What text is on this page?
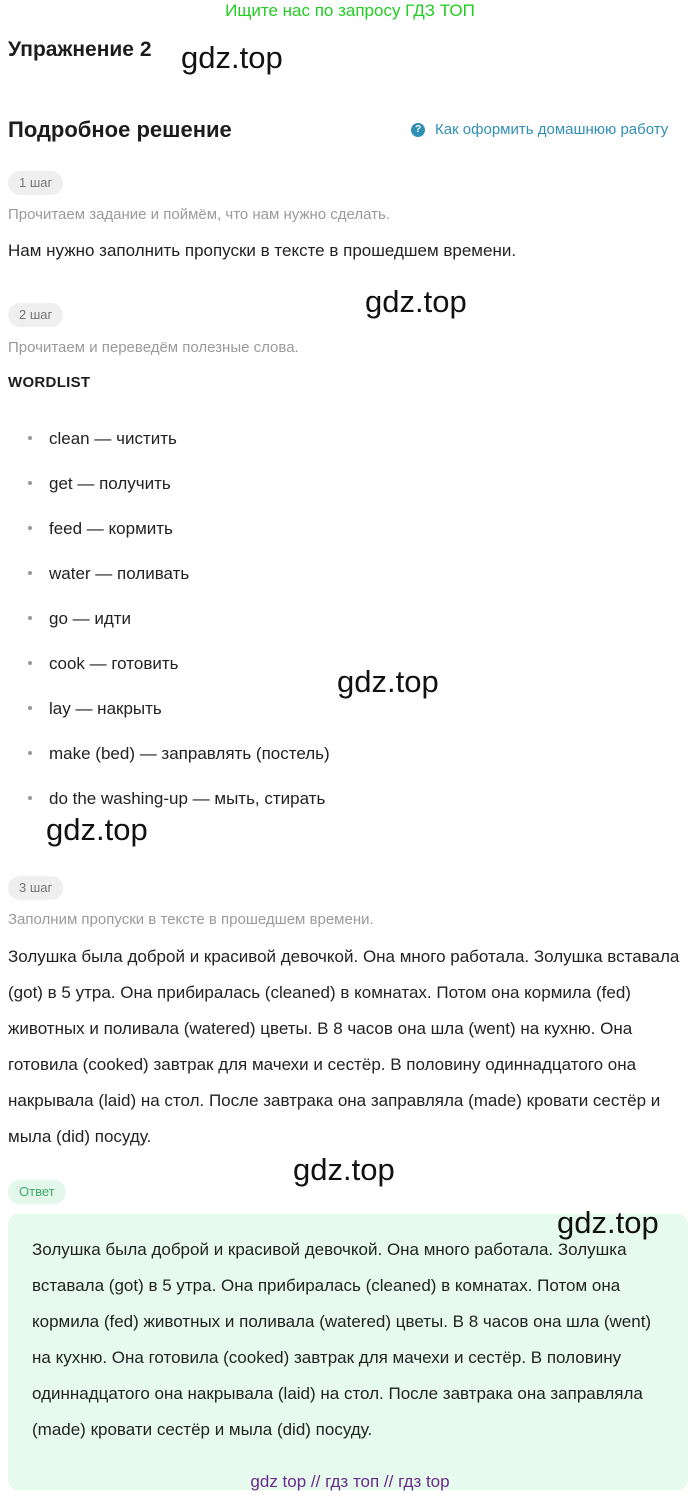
Ищите нас по запросу ГДЗ ТОП
Упражнение 2 gdz.top
Подробное решение	? Как оформить домашнюю работу
1 шаг
Прочитаем задание и поймём, что нам нужно сделать.
Нам нужно заполнить пропуски в тексте в прошедшем времени.
gdz.top
2 шаг
Прочитаем и переведём полезные слова.
WORDLIST
clean — чистить
get — получить
feed — кормить
water — поливать
go — идти
cook — готовить
lay — накрыть
make (bed) — заправлять (постель)
do the washing-up — мыть, стирать
gdz.top
gdz.top
3 шаг
Заполним пропуски в тексте в прошедшем времени.
Золушка была доброй и красивой девочкой. Она много работала. Золушка вставала (got) в 5 утра. Она прибиралась (cleaned) в комнатах. Потом она кормила (fed) животных и поливала (watered) цветы. В 8 часов она шла (went) на кухню. Она готовила (cooked) завтрак для мачехи и сестёр. В половину одиннадцатого она накрывала (laid) на стол. После завтрака она заправляла (made) кровати сестёр и мыла (did) посуду.
gdz.top
Ответ
Золушка была доброй и красивой девочкой. Она много работала. Золушка вставала (got) в 5 утра. Она прибиралась (cleaned) в комнатах. Потом она кормила (fed) животных и поливала (watered) цветы. В 8 часов она шла (went) на кухню. Она готовила (cooked) завтрак для мачехи и сестёр. В половину одиннадцатого она накрывала (laid) на стол. После завтрака она заправляла (made) кровати сестёр и мыла (did) посуду.
gdz.top
gdz top // гдз топ // гдз top
